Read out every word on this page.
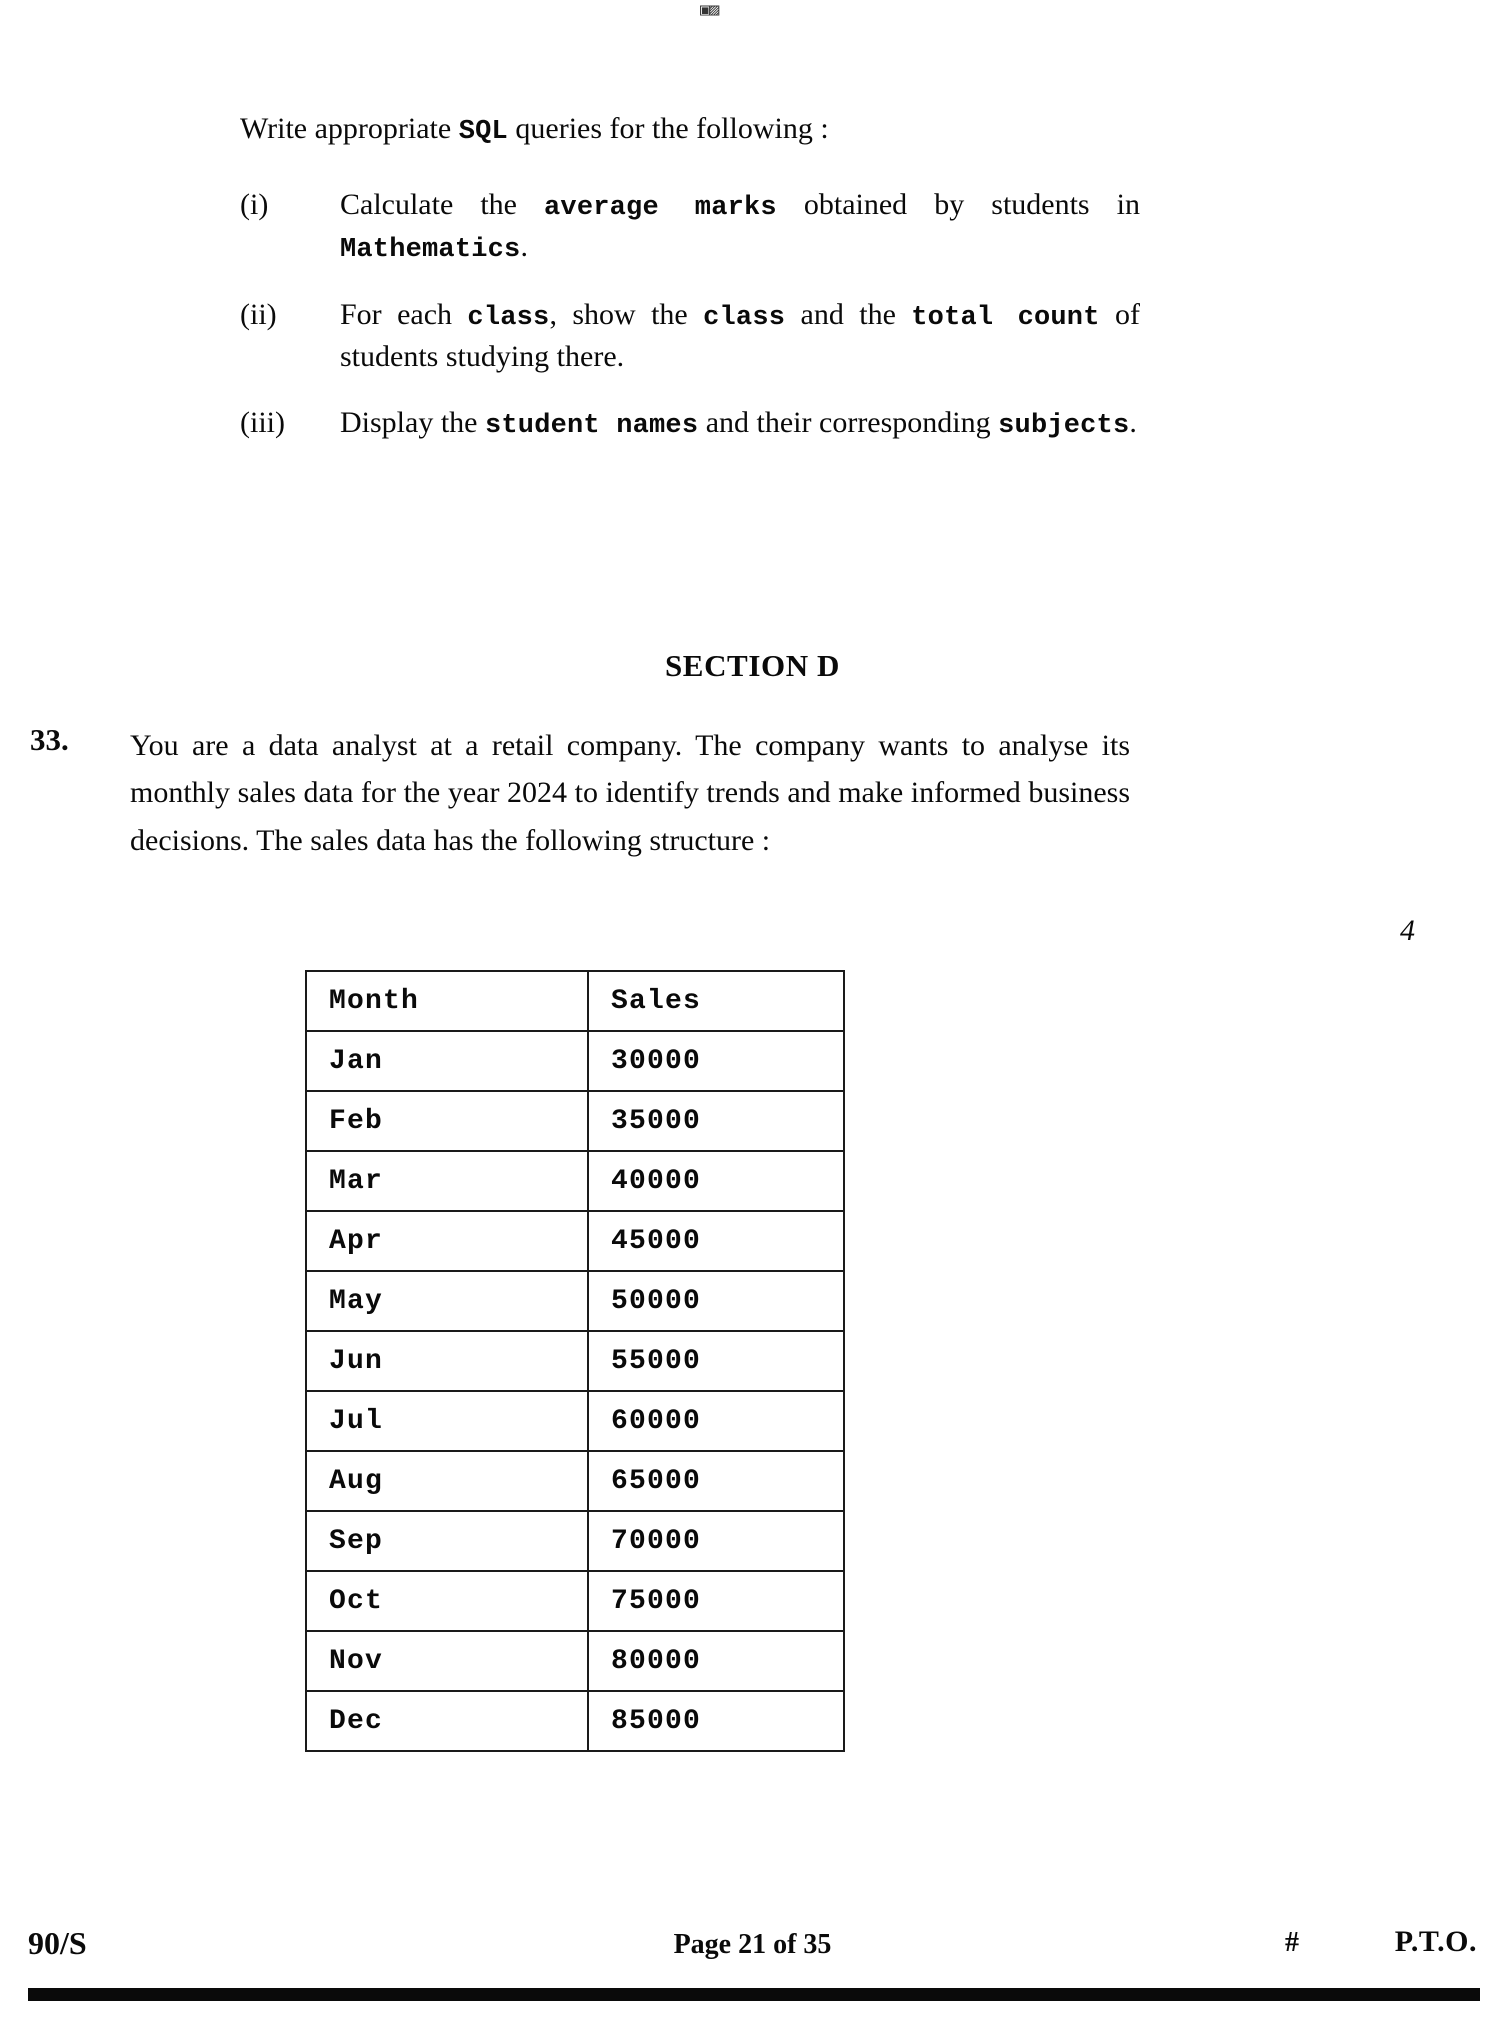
▣▨
Write appropriate SQL queries for the following :
(i)	Calculate the average marks obtained by students in Mathematics.
(ii)	For each class, show the class and the total count of students studying there.
(iii)	Display the student names and their corresponding subjects.
SECTION D
33.	You are a data analyst at a retail company. The company wants to analyse its monthly sales data for the year 2024 to identify trends and make informed business decisions. The sales data has the following structure :
4
Month	Sales
Jan	30000
Feb	35000
Mar	40000
Apr	45000
May	50000
Jun	55000
Jul	60000
Aug	65000
Sep	70000
Oct	75000
Nov	80000
Dec	85000
90/S	Page 21 of 35	#	P.T.O.
